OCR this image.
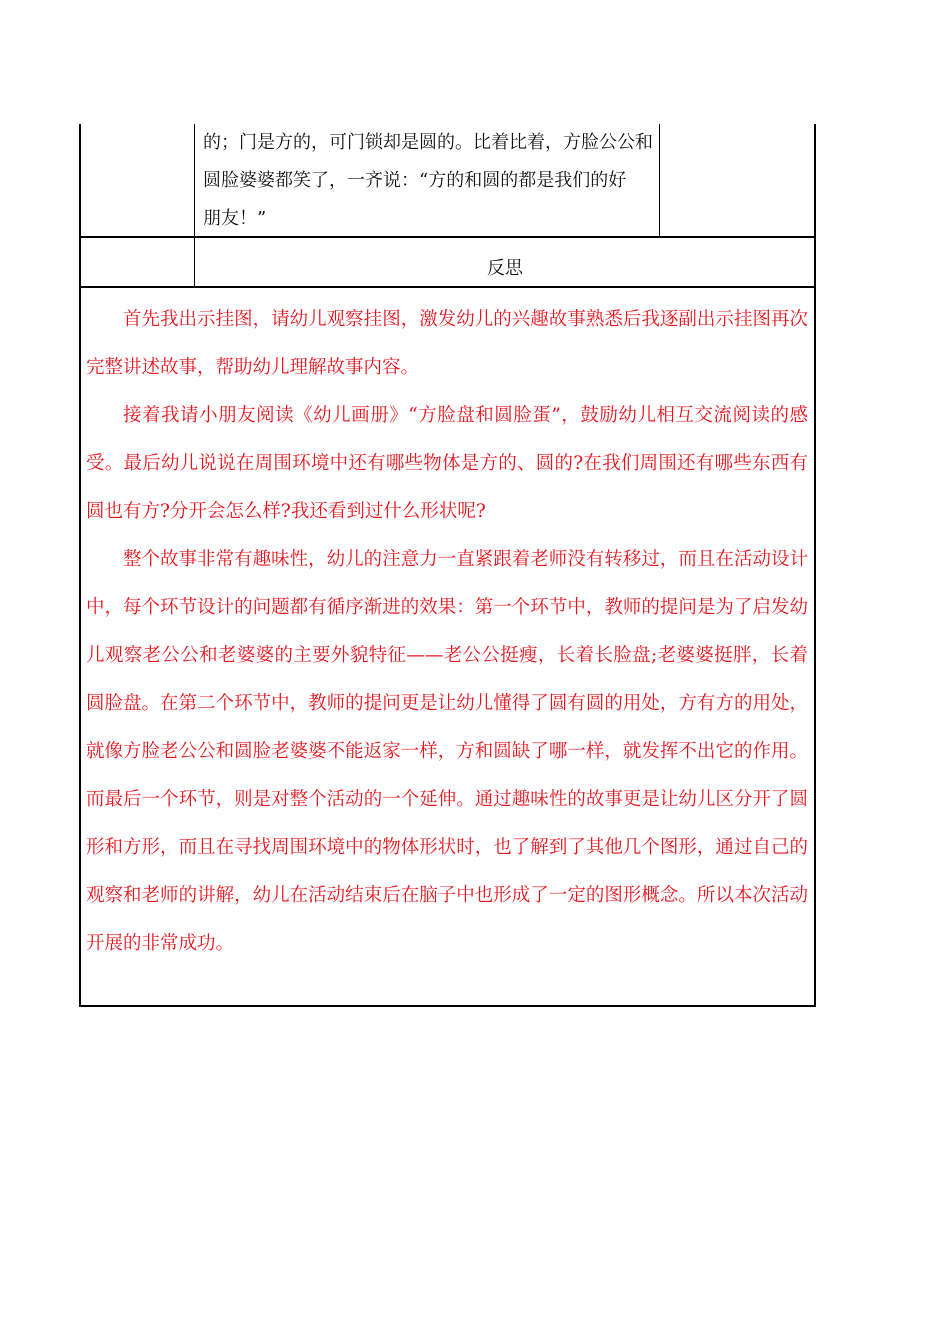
的；门是方的，可门锁却是圆的。比着比着，方脸公公和

圆脸婆婆都笑了，一齐说：“方的和圆的都是我们的好

朋友！”

反思

首先我出示挂图，请幼儿观察挂图，激发幼儿的兴趣故事熟悉后我逐副出示挂图再次完整讲述故事，帮助幼儿理解故事内容。

接着我请小朋友阅读《幼儿画册》“方脸盘和圆脸蛋”，鼓励幼儿相互交流阅读的感受。最后幼儿说说在周围环境中还有哪些物体是方的、圆的?在我们周围还有哪些东西有圆也有方?分开会怎么样?我还看到过什么形状呢?

整个故事非常有趣味性，幼儿的注意力一直紧跟着老师没有转移过，而且在活动设计中，每个环节设计的问题都有循序渐进的效果：第一个环节中，教师的提问是为了启发幼儿观察老公公和老婆婆的主要外貌特征——老公公挺瘦，长着长脸盘;老婆婆挺胖，长着圆脸盘。在第二个环节中，教师的提问更是让幼儿懂得了圆有圆的用处，方有方的用处，就像方脸老公公和圆脸老婆婆不能返家一样，方和圆缺了哪一样，就发挥不出它的作用。而最后一个环节，则是对整个活动的一个延伸。通过趣味性的故事更是让幼儿区分开了圆形和方形，而且在寻找周围环境中的物体形状时，也了解到了其他几个图形，通过自己的观察和老师的讲解，幼儿在活动结束后在脑子中也形成了一定的图形概念。所以本次活动开展的非常成功。
